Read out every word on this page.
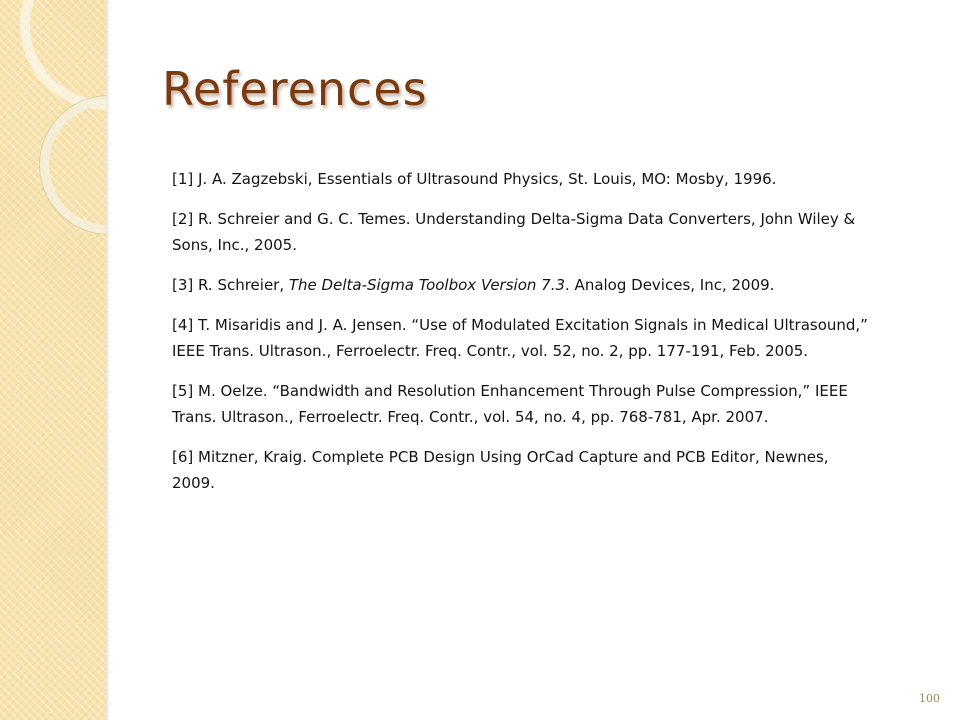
References

[1] J. A. Zagzebski, Essentials of Ultrasound Physics, St. Louis, MO: Mosby, 1996.

[2] R. Schreier and G. C. Temes. Understanding Delta-Sigma Data Converters, John Wiley & Sons, Inc., 2005.

[3] R. Schreier, The Delta-Sigma Toolbox Version 7.3. Analog Devices, Inc, 2009.

[4] T. Misaridis and J. A. Jensen. “Use of Modulated Excitation Signals in Medical Ultrasound,” IEEE Trans. Ultrason., Ferroelectr. Freq. Contr., vol. 52, no. 2, pp. 177-191, Feb. 2005.

[5] M. Oelze. “Bandwidth and Resolution Enhancement Through Pulse Compression,” IEEE Trans. Ultrason., Ferroelectr. Freq. Contr., vol. 54, no. 4, pp. 768-781, Apr. 2007.

[6] Mitzner, Kraig. Complete PCB Design Using OrCad Capture and PCB Editor, Newnes, 2009.

100
